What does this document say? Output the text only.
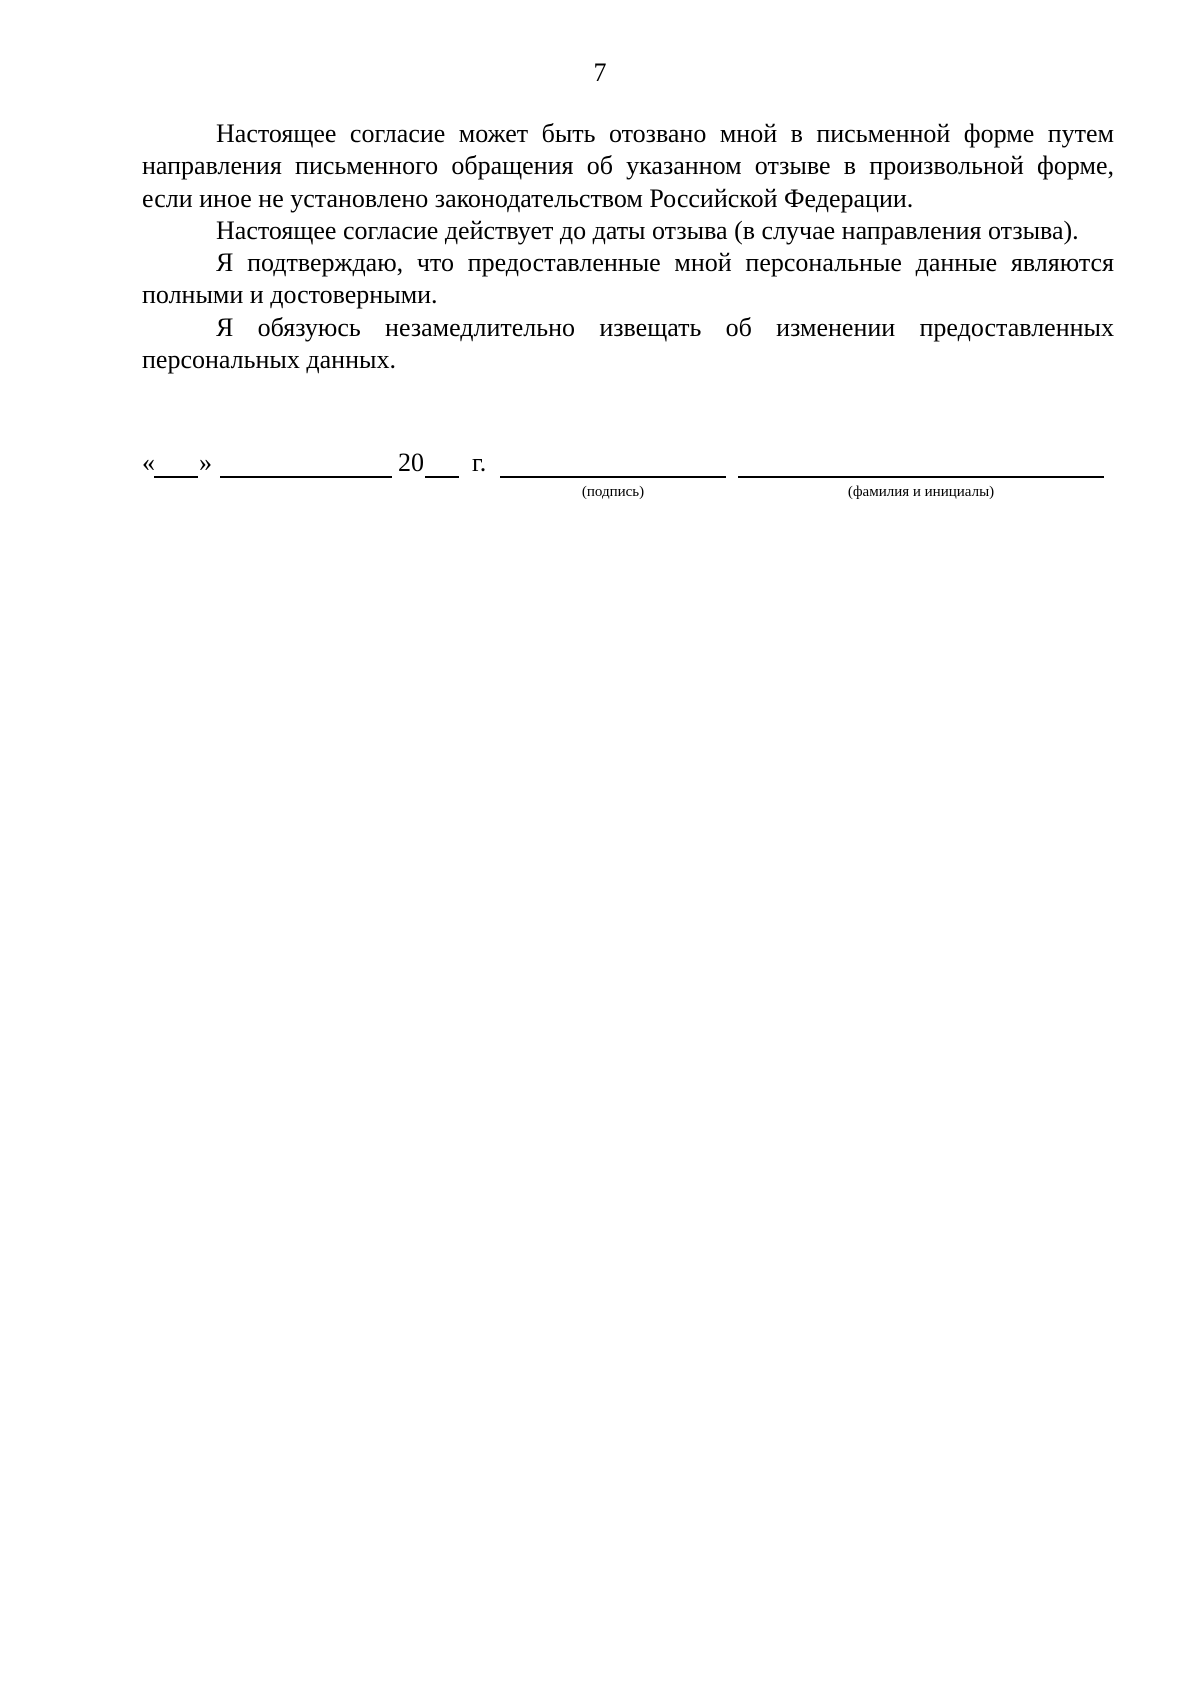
7

Настоящее согласие может быть отозвано мной в письменной форме путем направления письменного обращения об указанном отзыве в произвольной форме, если иное не установлено законодательством Российской Федерации.

Настоящее согласие действует до даты отзыва (в случае направления отзыва).

Я подтверждаю, что предоставленные мной персональные данные являются полными и достоверными.

Я обязуюсь незамедлительно извещать об изменении предоставленных персональных данных.

« »	20 г.
(подпись)	(фамилия и инициалы)
